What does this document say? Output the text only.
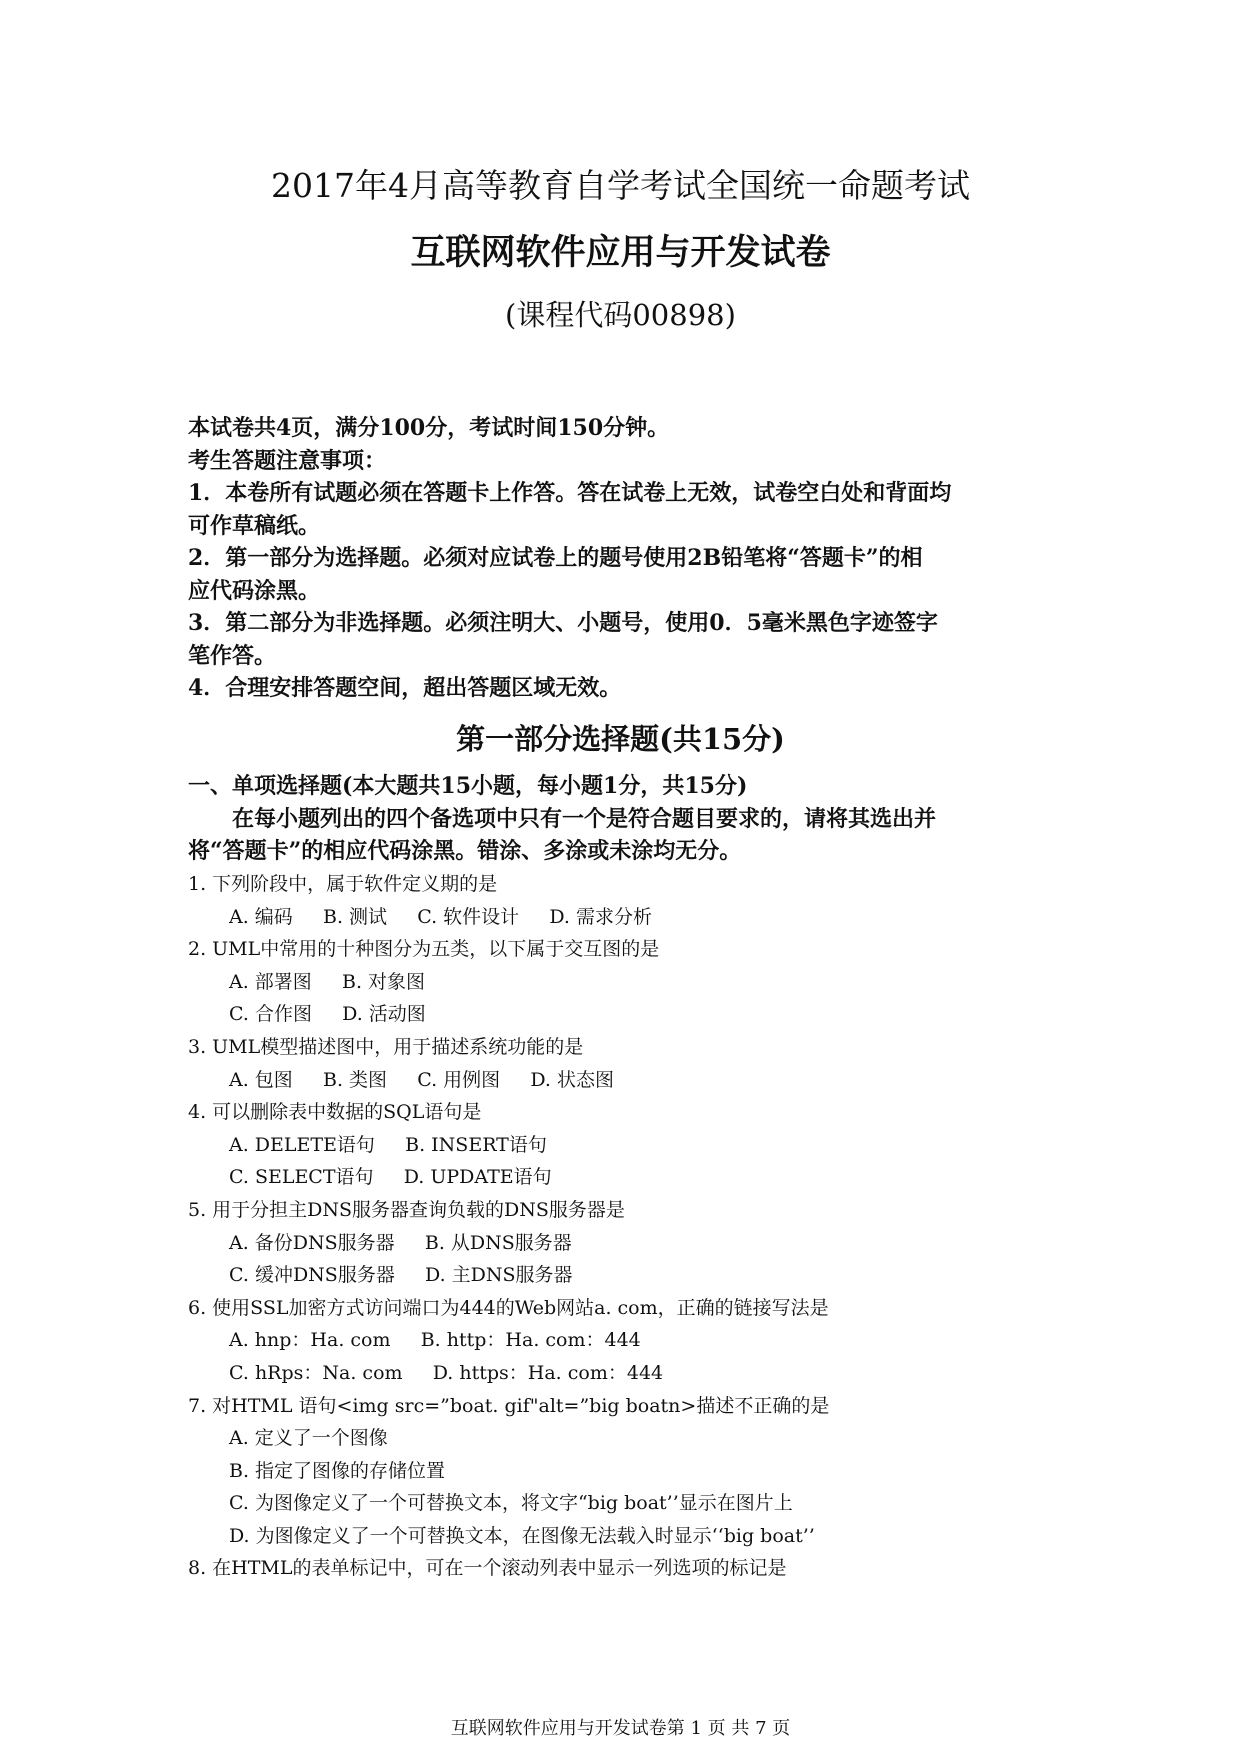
2017年4月高等教育自学考试全国统一命题考试
互联网软件应用与开发试卷
(课程代码00898)
本试卷共4页，满分100分，考试时间150分钟。
考生答题注意事项：
1．本卷所有试题必须在答题卡上作答。答在试卷上无效，试卷空白处和背面均
可作草稿纸。
2．第一部分为选择题。必须对应试卷上的题号使用2B铅笔将“答题卡”的相
应代码涂黑。
3．第二部分为非选择题。必须注明大、小题号，使用0．5毫米黑色字迹签字
笔作答。
4．合理安排答题空间，超出答题区域无效。
第一部分选择题(共15分)
一、单项选择题(本大题共15小题，每小题1分，共15分)
在每小题列出的四个备选项中只有一个是符合题目要求的，请将其选出并
将“答题卡”的相应代码涂黑。错涂、多涂或未涂均无分。
1. 下列阶段中，属于软件定义期的是
A. 编码     B. 测试     C. 软件设计     D. 需求分析
2. UML中常用的十种图分为五类，以下属于交互图的是
A. 部署图     B. 对象图
C. 合作图     D. 活动图
3. UML模型描述图中，用于描述系统功能的是
A. 包图     B. 类图     C. 用例图     D. 状态图
4. 可以删除表中数据的SQL语句是
A. DELETE语句     B. INSERT语句
C. SELECT语句     D. UPDATE语句
5. 用于分担主DNS服务器查询负载的DNS服务器是
A. 备份DNS服务器     B. 从DNS服务器
C. 缓冲DNS服务器     D. 主DNS服务器
6. 使用SSL加密方式访问端口为444的Web网站a. com，正确的链接写法是
A. hnp：Ha. com     B. http：Ha. com：444
C. hRps：Na. com     D. https：Ha. com：444
7. 对HTML 语句<img src=”boat. gif"alt=”big boatn>描述不正确的是
A. 定义了一个图像
B. 指定了图像的存储位置
C. 为图像定义了一个可替换文本，将文字“big boat’’显示在图片上
D. 为图像定义了一个可替换文本，在图像无法载入时显示‘‘big boat’’
8. 在HTML的表单标记中，可在一个滚动列表中显示一列选项的标记是
互联网软件应用与开发试卷第 1 页 共 7 页
